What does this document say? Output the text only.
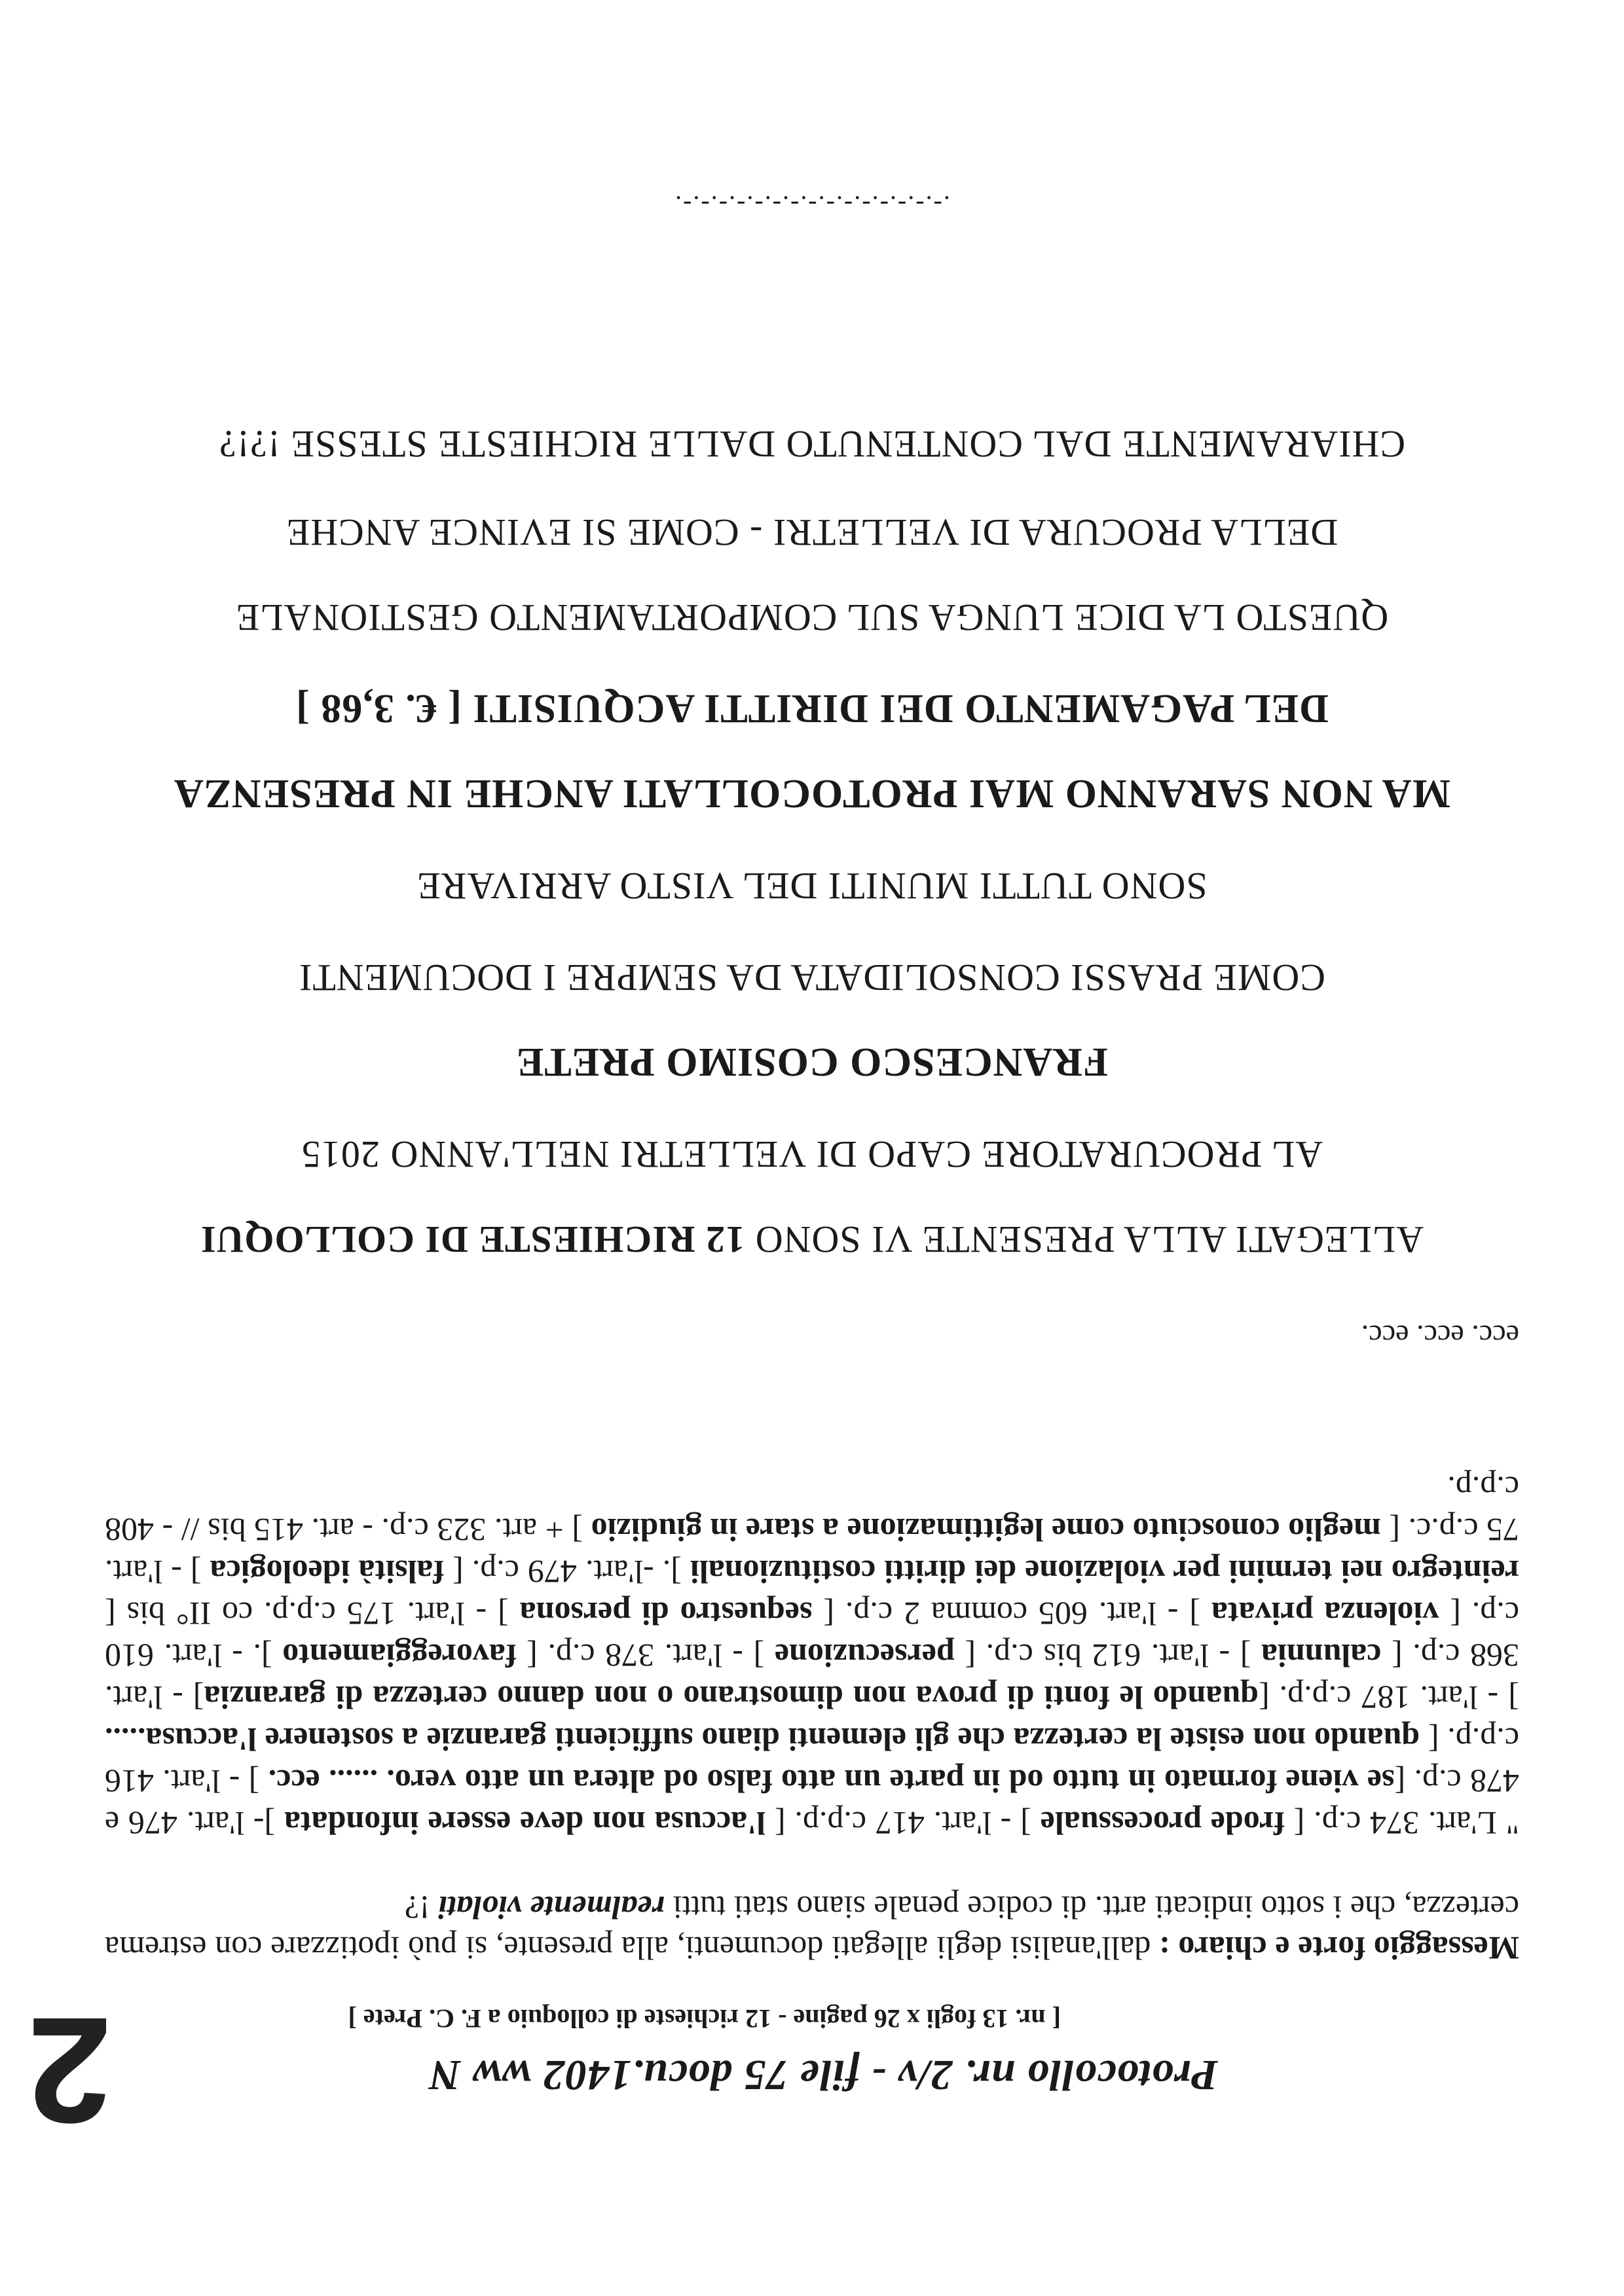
2	Protocollo nr. 2/v - file 75 docu.1402 ww N
[ nr. 13 fogli x 26 pagine - 12 richieste di colloquio a F. C. Prete ]
Messaggio forte e chiaro : dall'analisi degli allegati documenti, alla presente, si può ipotizzare con estrema certezza, che i sotto indicati artt. di codice penale siano stati tutti realmente violati !?
" L'art. 374 c.p. [ frode processuale ] - l'art. 417 c.p.p. [ l'accusa non deve essere infondata ]- l'art. 476 e 478 c.p. [se viene formato in tutto od in parte un atto falso od altera un atto vero. ...... ecc. ] - l'art. 416 c.p.p. [ quando non esiste la certezza che gli elementi diano sufficienti garanzie a sostenere l'accusa..... ] - l'art. 187 c.p.p. [quando le fonti di prova non dimostrano o non danno certezza di garanzia] - l'art. 368 c.p. [ calunnia ] - l'art. 612 bis c.p. [ persecuzione ] - l'art. 378 c.p. [ favoreggiamento ]. - l'art. 610 c.p. [ violenza privata ] - l'art. 605 comma 2 c.p. [ sequestro di persona ] - l'art. 175 c.p.p. co II° bis [ reintegro nei termini per violazione dei diritti costituzionali ]. -l'art. 479 c.p. [ falsità ideologica ] - l'art. 75 c.p.c. [ meglio conosciuto come legittimazione a stare in giudizio ] + art. 323 c.p. - art. 415 bis // - 408 c.p.p.
ecc. ecc. ecc.
ALLEGATI ALLA PRESENTE VI SONO 12 RICHIESTE DI COLLOQUI
AL PROCURATORE CAPO DI VELLETRI NELL'ANNO 2015
FRANCESCO COSIMO PRETE
COME PRASSI CONSOLIDATA DA SEMPRE I DOCUMENTI
SONO TUTTI MUNITI DEL VISTO ARRIVARE
MA NON SARANNO MAI PROTOCOLLATI ANCHE IN PRESENZA
DEL PAGAMENTO DEI DIRITTI ACQUISITI [ €. 3,68 ]
QUESTO LA DICE LUNGA SUL COMPORTAMENTO GESTIONALE
DELLA PROCURA DI VELLETRI - COME SI EVINCE ANCHE
CHIARAMENTE DAL CONTENUTO DALLE RICHIESTE STESSE !?!?
.-.-.-.-.-.-.-.-.-.-.-.-.-.-.-.
